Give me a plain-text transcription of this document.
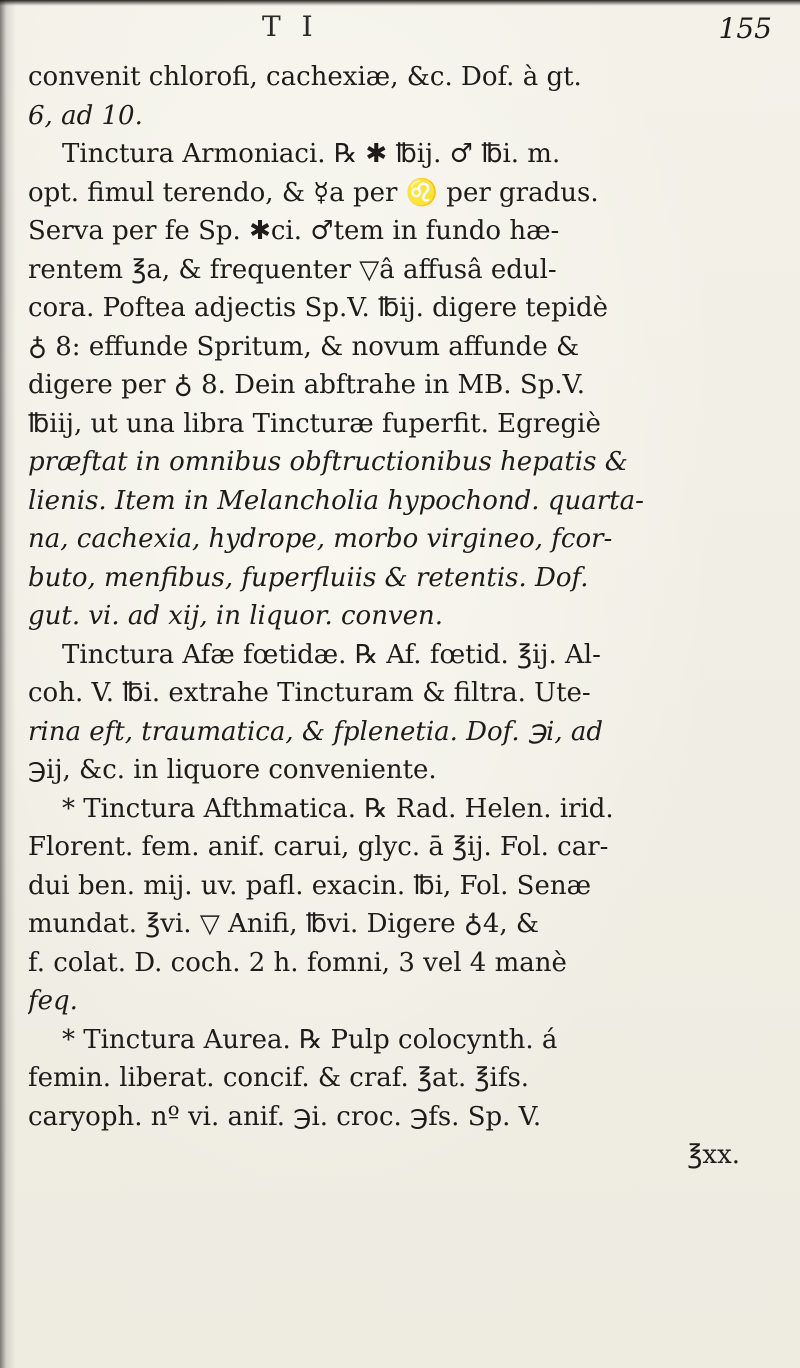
T I	155
convenit chlorofi, cachexiæ, &c. Dof. à gt.
6, ad 10.
Tinctura Armoniaci. ℞ ✱ ℔ij. ♂ ℔i. m.
opt. fimul terendo, & ☿a per ♌ per gradus.
Serva per fe Sp. ✱ci. ♂tem in fundo hæ-
rentem ℥a, & frequenter ▽â affusâ edul-
cora. Poftea adjectis Sp.V. ℔ij. digere tepidè
♁ 8: effunde Spritum, & novum affunde &
digere per ♁ 8. Dein abftrahe in MB. Sp.V.
℔iij, ut una libra Tincturæ fuperfit. Egregiè
præftat in omnibus obftructionibus hepatis &
lienis. Item in Melancholia hypochond. quarta-
na, cachexia, hydrope, morbo virgineo, fcor-
buto, menfibus, fuperfluiis & retentis. Dof.
gut. vi. ad xij, in liquor. conven.
Tinctura Afæ fœtidæ. ℞ Af. fœtid. ℥ij. Al-
coh. V. ℔i. extrahe Tincturam & filtra. Ute-
rina eft, traumatica, & fplenetia. Dof. ℈i, ad
℈ij, &c. in liquore conveniente.
* Tinctura Afthmatica. ℞ Rad. Helen. irid.
Florent. fem. anif. carui, glyc. ā ℥ij. Fol. car-
dui ben. mij. uv. pafl. exacin. ℔i, Fol. Senæ
mundat. ℥vi. ▽ Anifi, ℔vi. Digere ♁4, &
f. colat. D. coch. 2 h. fomni, 3 vel 4 manè
feq.
* Tinctura Aurea. ℞ Pulp colocynth. á
femin. liberat. concif. & craf. ℥at. ℥ifs.
caryoph. nº vi. anif. ℈i. croc. ℈fs. Sp. V.
℥xx.
